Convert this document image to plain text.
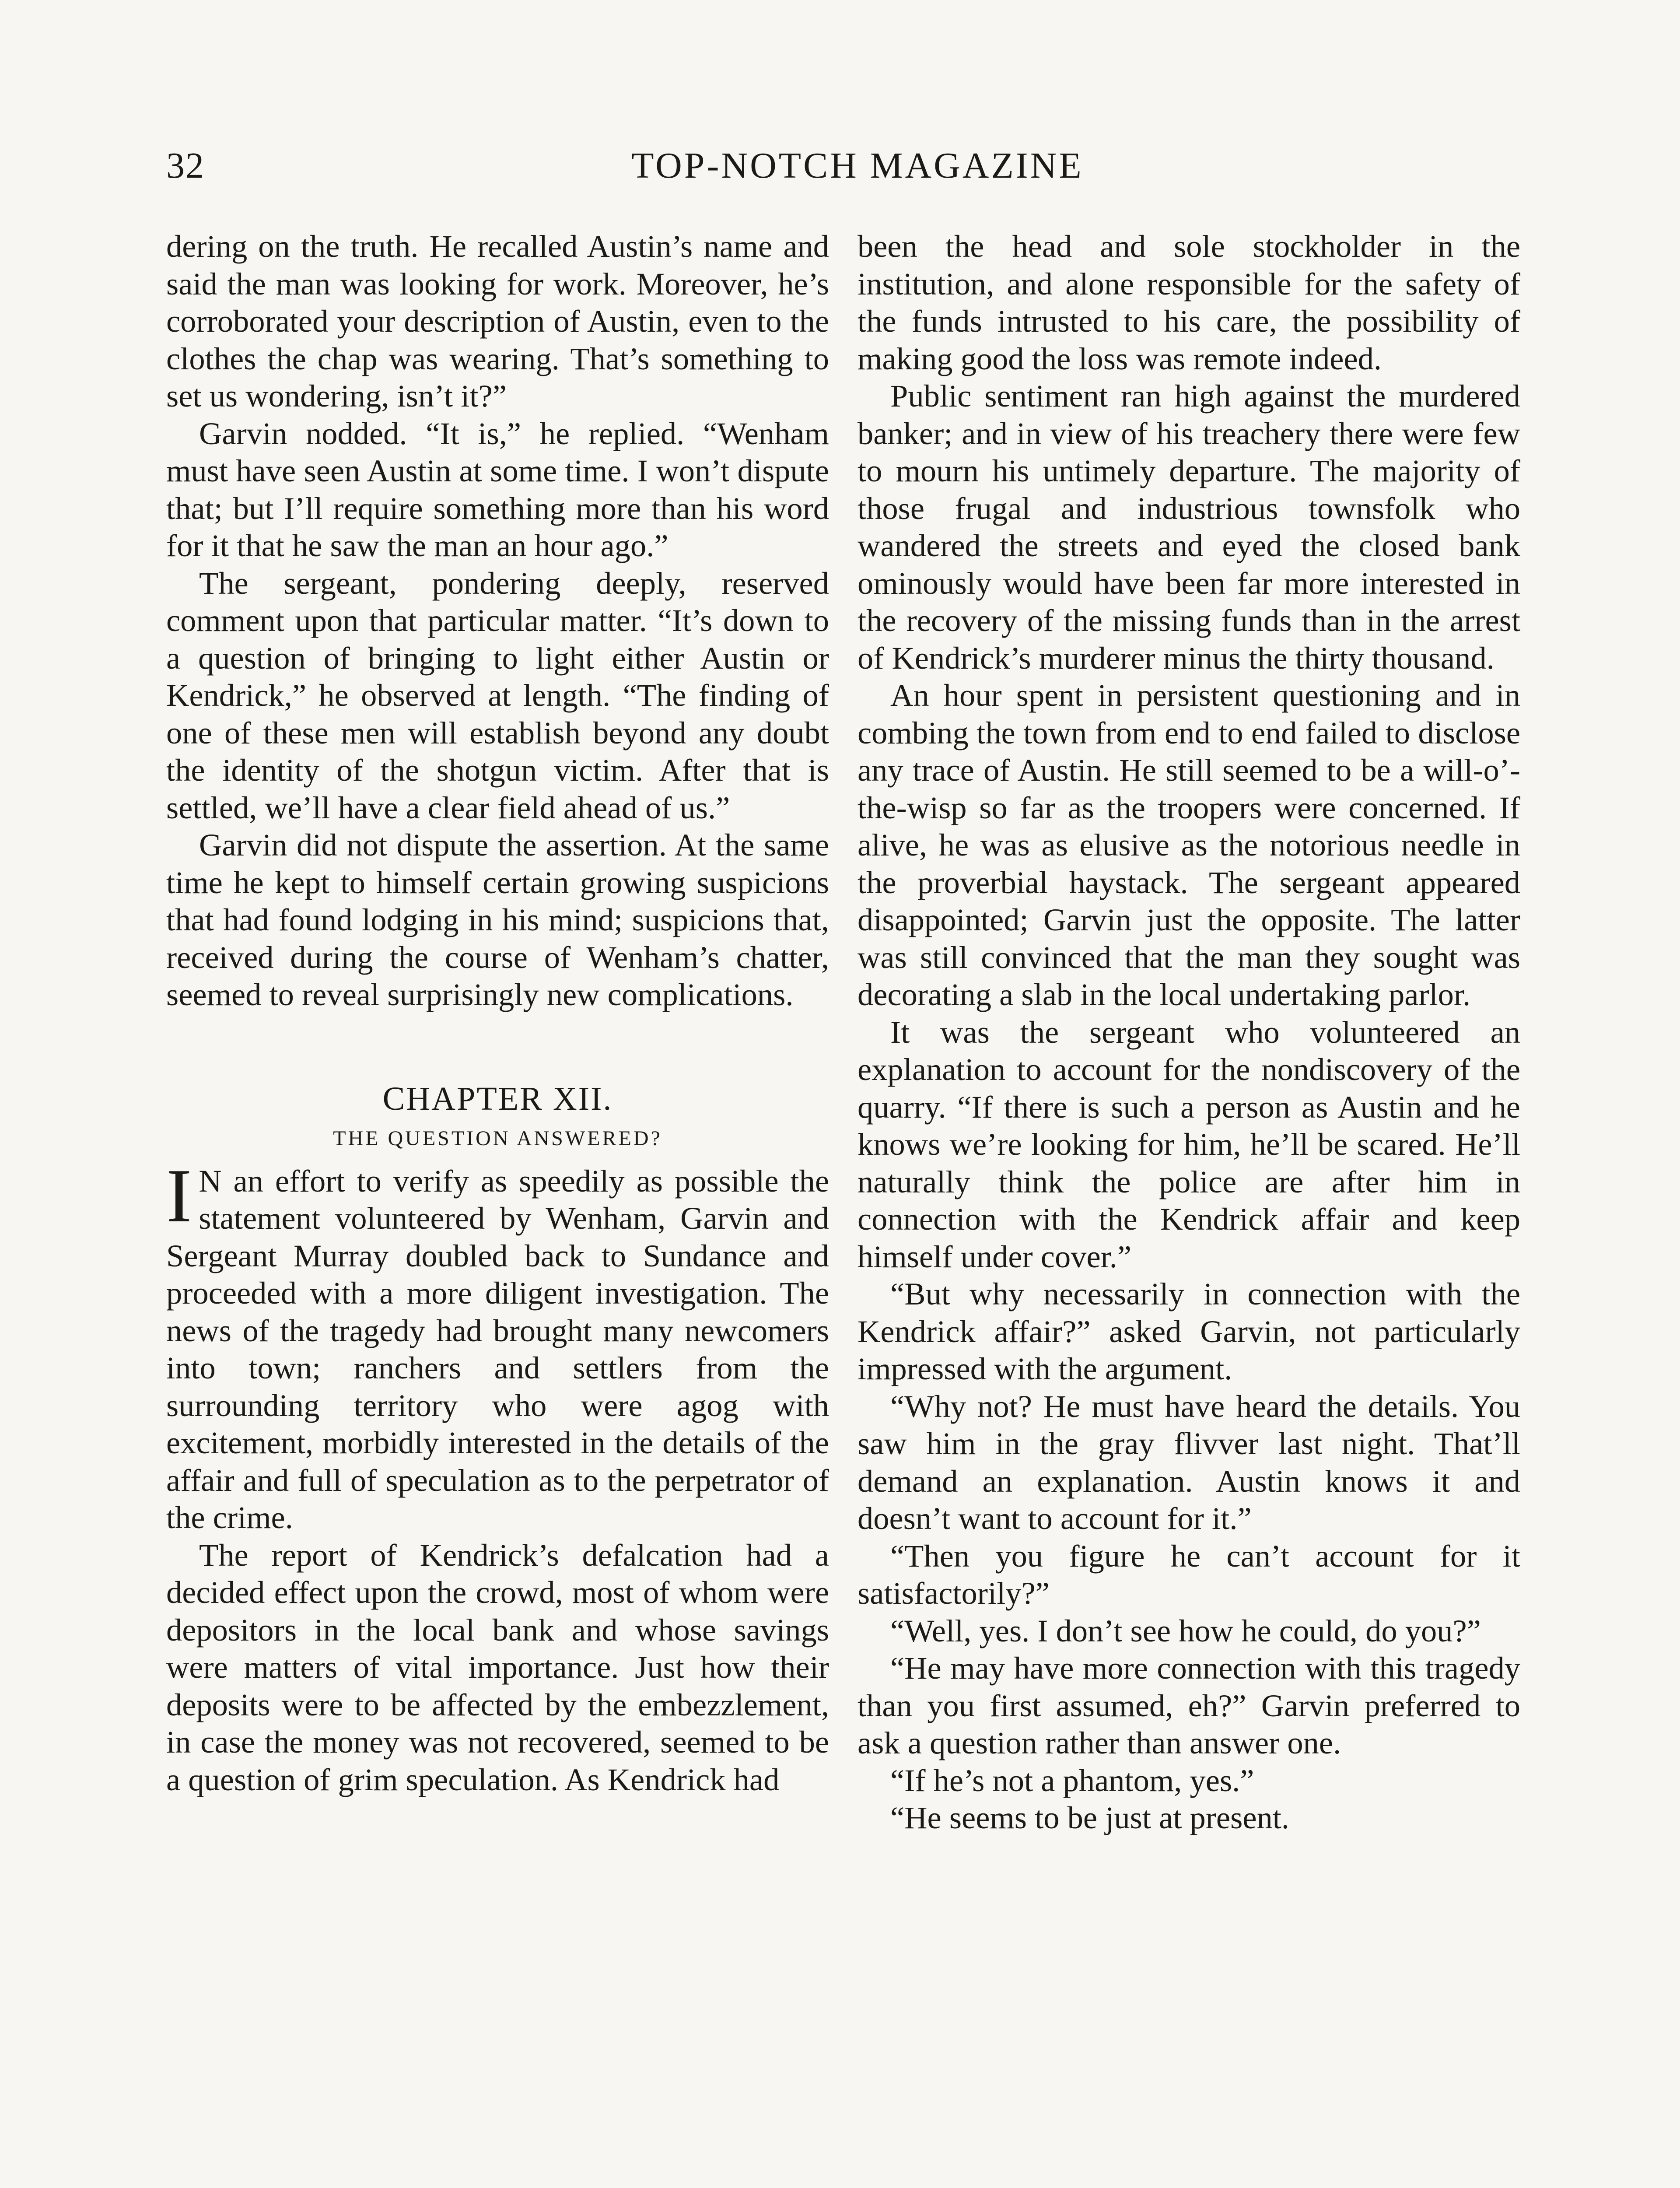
32	TOP-NOTCH MAGAZINE

dering on the truth. He recalled Austin’s name and said the man was looking for work. Moreover, he’s corroborated your description of Austin, even to the clothes the chap was wearing. That’s something to set us wondering, isn’t it?”

Garvin nodded. “It is,” he replied. “Wenham must have seen Austin at some time. I won’t dispute that; but I’ll require something more than his word for it that he saw the man an hour ago.”

The sergeant, pondering deeply, reserved comment upon that particular matter. “It’s down to a question of bringing to light either Austin or Kendrick,” he observed at length. “The finding of one of these men will establish beyond any doubt the identity of the shotgun victim. After that is settled, we’ll have a clear field ahead of us.”

Garvin did not dispute the assertion. At the same time he kept to himself certain growing suspicions that had found lodging in his mind; suspicions that, received during the course of Wenham’s chatter, seemed to reveal surprisingly new complications.

CHAPTER XII.
THE QUESTION ANSWERED?

I N an effort to verify as speedily as possible the statement volunteered by Wenham, Garvin and Sergeant Murray doubled back to Sundance and proceeded with a more diligent investigation. The news of the tragedy had brought many newcomers into town; ranchers and settlers from the surrounding territory who were agog with excitement, morbidly interested in the details of the affair and full of speculation as to the perpetrator of the crime.

The report of Kendrick’s defalcation had a decided effect upon the crowd, most of whom were depositors in the local bank and whose savings were matters of vital importance. Just how their deposits were to be affected by the embezzlement, in case the money was not recovered, seemed to be a question of grim speculation. As Kendrick had

been the head and sole stockholder in the institution, and alone responsible for the safety of the funds intrusted to his care, the possibility of making good the loss was remote indeed.

Public sentiment ran high against the murdered banker; and in view of his treachery there were few to mourn his untimely departure. The majority of those frugal and industrious townsfolk who wandered the streets and eyed the closed bank ominously would have been far more interested in the recovery of the missing funds than in the arrest of Kendrick’s murderer minus the thirty thousand.

An hour spent in persistent questioning and in combing the town from end to end failed to disclose any trace of Austin. He still seemed to be a will-o’-the-wisp so far as the troopers were concerned. If alive, he was as elusive as the notorious needle in the proverbial haystack. The sergeant appeared disappointed; Garvin just the opposite. The latter was still convinced that the man they sought was decorating a slab in the local undertaking parlor.

It was the sergeant who volunteered an explanation to account for the nondiscovery of the quarry. “If there is such a person as Austin and he knows we’re looking for him, he’ll be scared. He’ll naturally think the police are after him in connection with the Kendrick affair and keep himself under cover.”

“But why necessarily in connection with the Kendrick affair?” asked Garvin, not particularly impressed with the argument.

“Why not? He must have heard the details. You saw him in the gray flivver last night. That’ll demand an explanation. Austin knows it and doesn’t want to account for it.”

“Then you figure he can’t account for it satisfactorily?”

“Well, yes. I don’t see how he could, do you?”

“He may have more connection with this tragedy than you first assumed, eh?” Garvin preferred to ask a question rather than answer one.

“If he’s not a phantom, yes.”

“He seems to be just at present.
